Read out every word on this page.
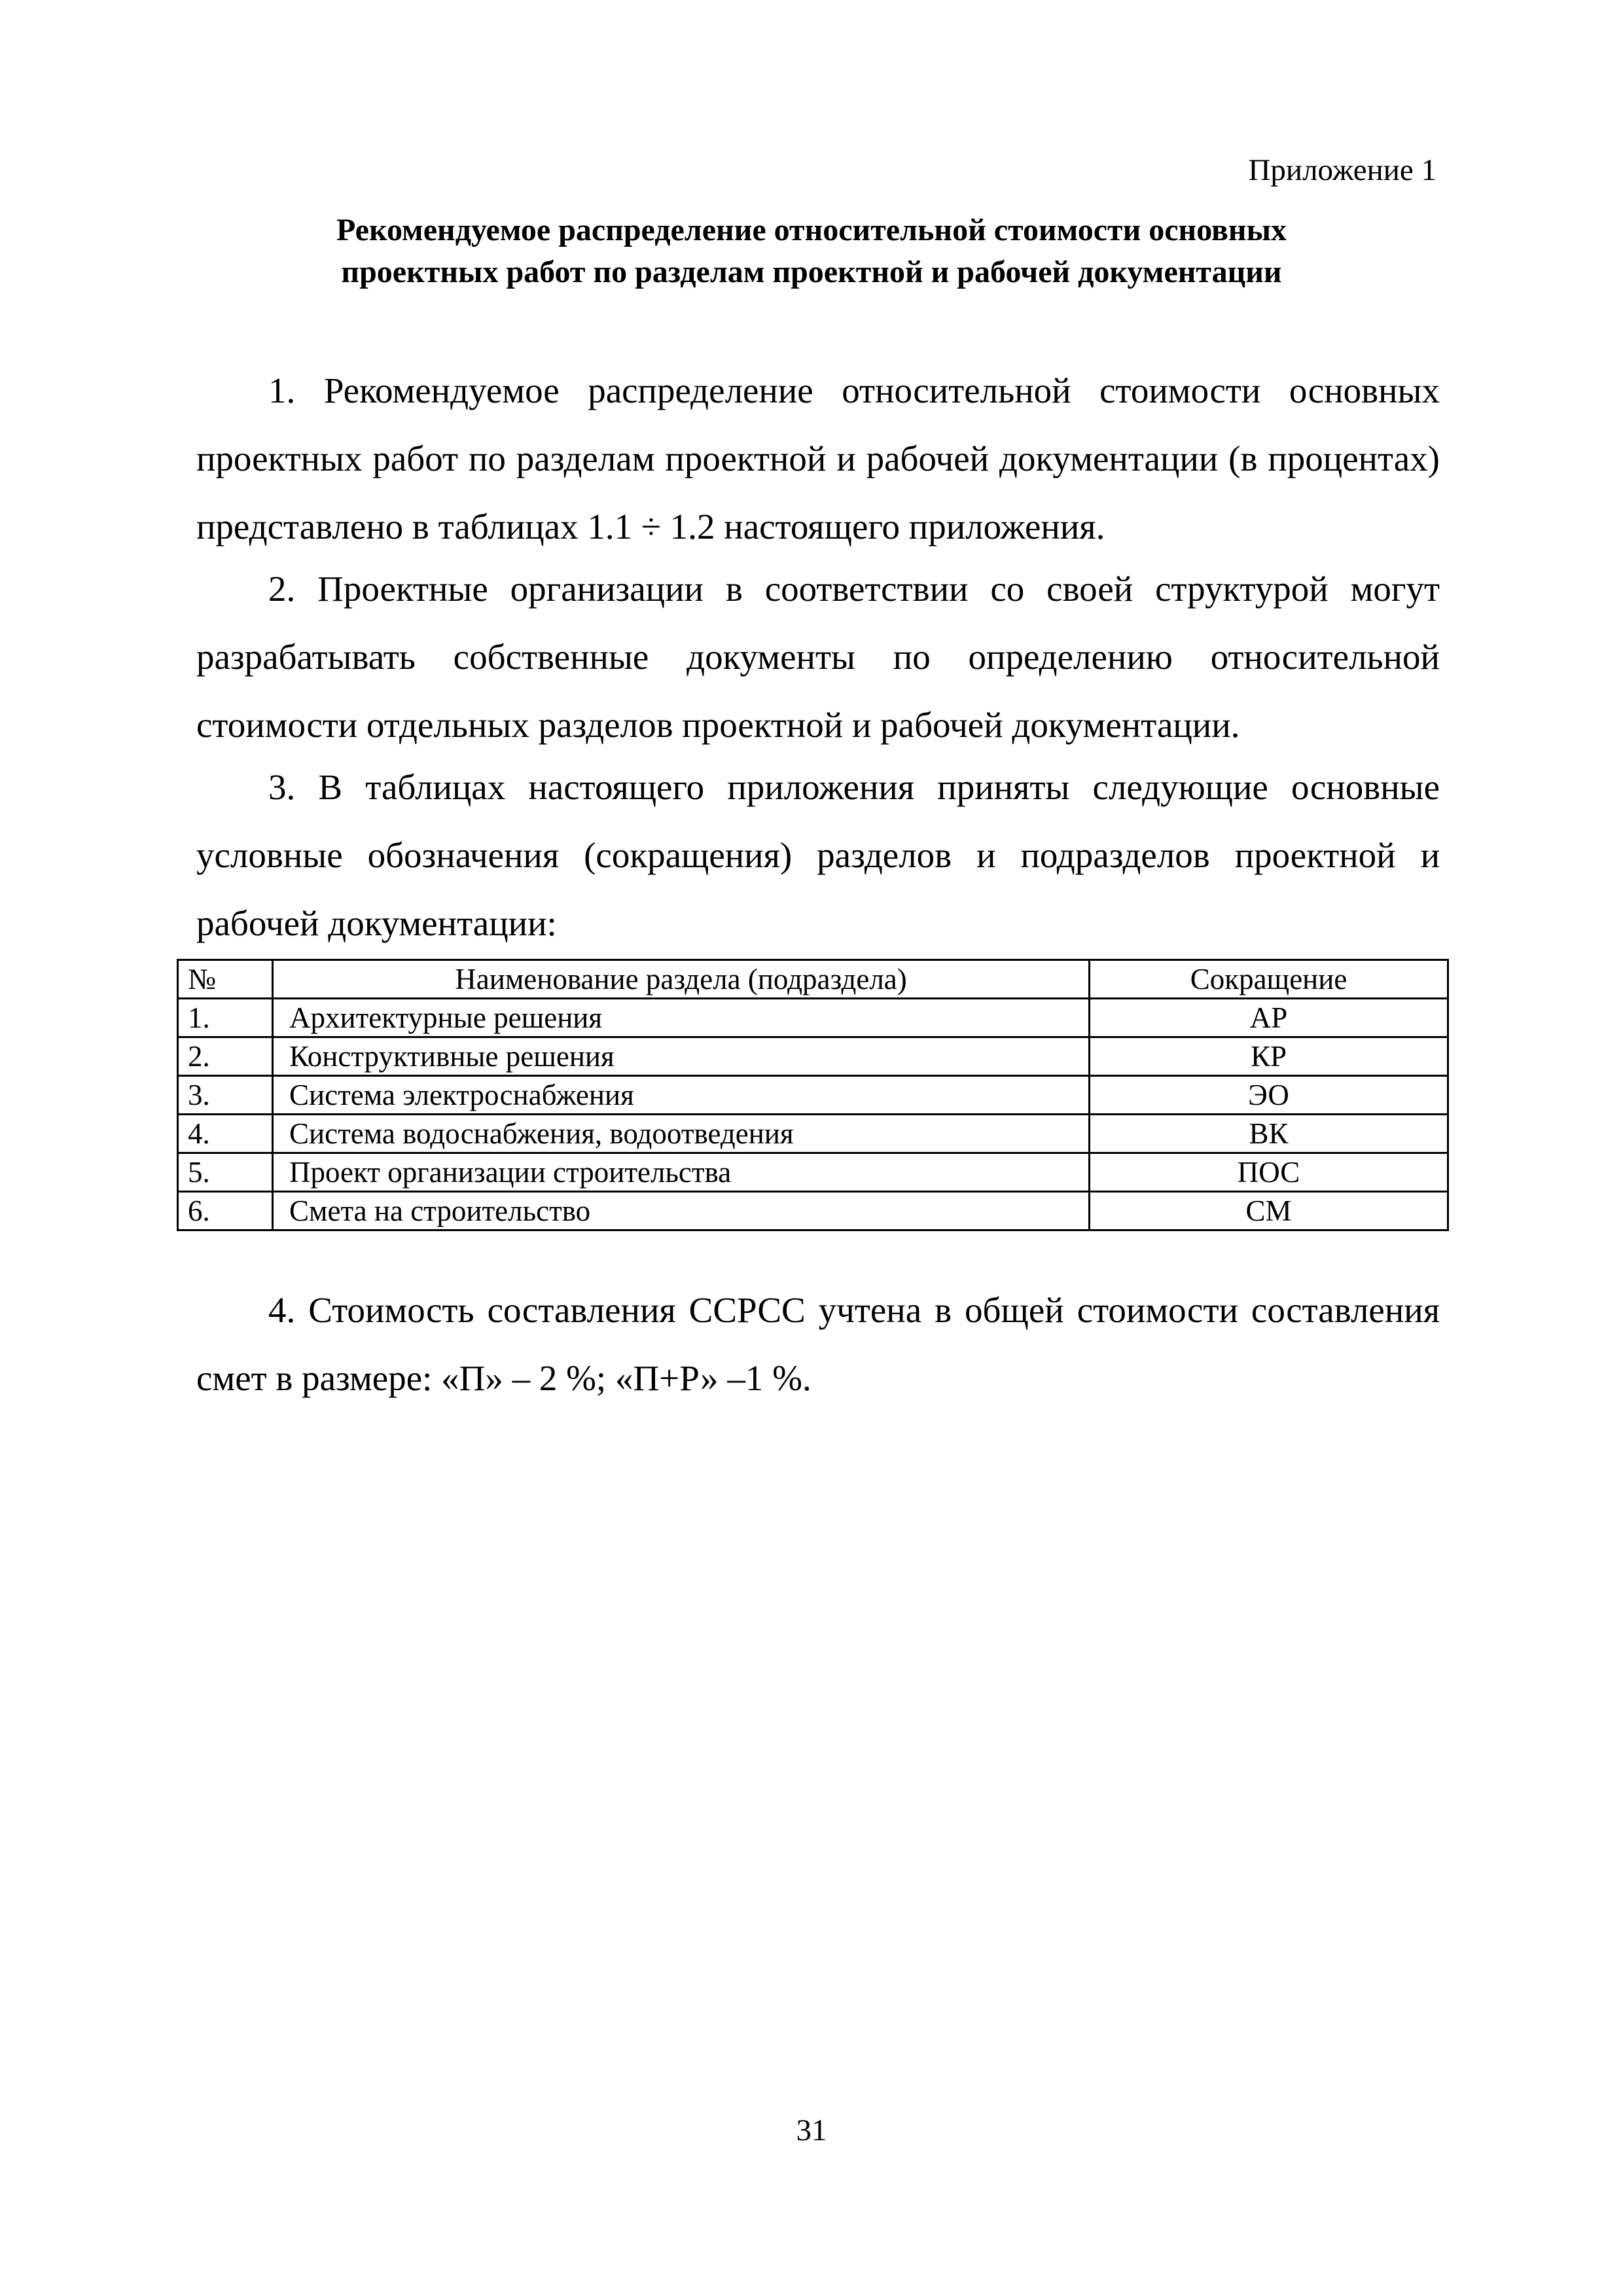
Приложение 1
Рекомендуемое распределение относительной стоимости основных
проектных работ по разделам проектной и рабочей документации

1. Рекомендуемое распределение относительной стоимости основных проектных работ по разделам проектной и рабочей документации (в процентах) представлено в таблицах 1.1 ÷ 1.2 настоящего приложения.

2. Проектные организации в соответствии со своей структурой могут разрабатывать собственные документы по определению относительной стоимости отдельных разделов проектной и рабочей документации.

3. В таблицах настоящего приложения приняты следующие основные условные обозначения (сокращения) разделов и подразделов проектной и рабочей документации:

№	Наименование раздела (подраздела)	Сокращение
1.	Архитектурные решения	АР
2.	Конструктивные решения	КР
3.	Система электроснабжения	ЭО
4.	Система водоснабжения, водоотведения	ВК
5.	Проект организации строительства	ПОС
6.	Смета на строительство	СМ

4. Стоимость составления ССРСС учтена в общей стоимости составления смет в размере: «П» – 2 %; «П+Р» –1 %.

31
